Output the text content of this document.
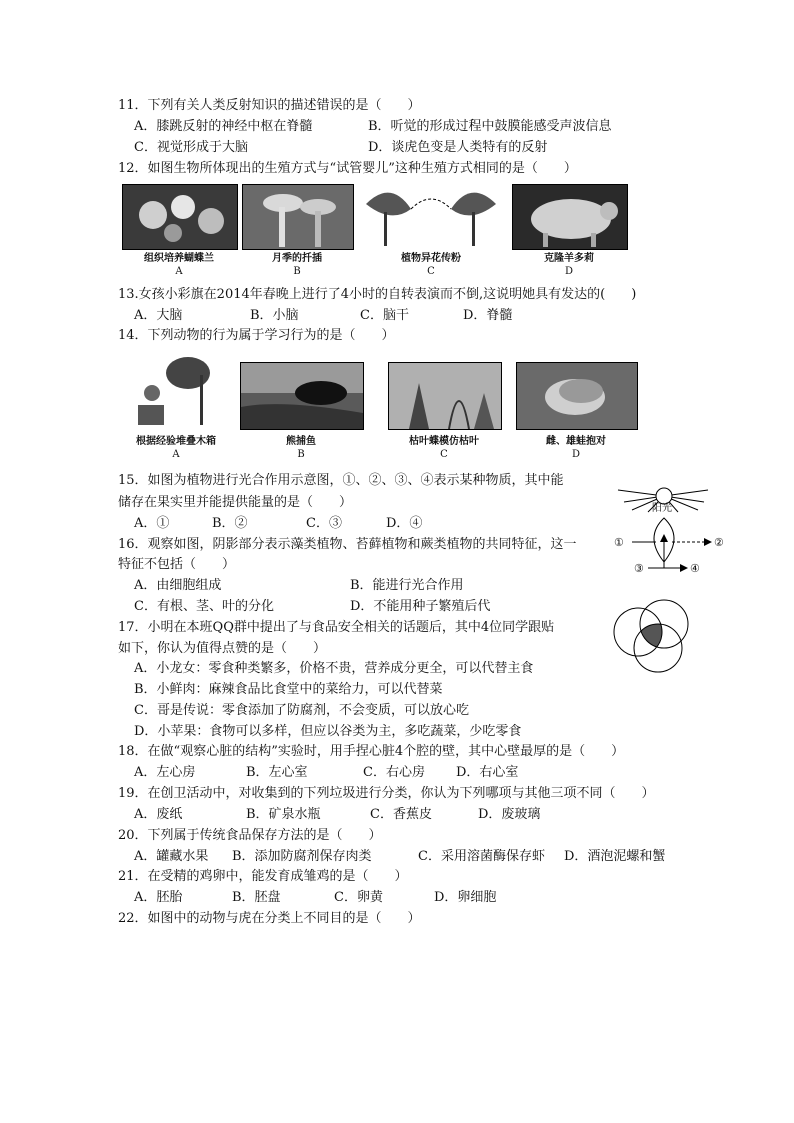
11．下列有关人类反射知识的描述错误的是（　　）
A．膝跳反射的神经中枢在脊髓	B．听觉的形成过程中鼓膜能感受声波信息
C．视觉形成于大脑	D．谈虎色变是人类特有的反射
12．如图生物所体现出的生殖方式与“试管婴儿”这种生殖方式相同的是（　　）
组织培养蝴蝶兰
A
月季的扦插
B
植物异花传粉
C
克隆羊多莉
D
13.女孩小彩旗在2014年春晚上进行了4小时的自转表演而不倒,这说明她具有发达的(　　)
A．大脑	B．小脑	C．脑干	D．脊髓
14．下列动物的行为属于学习行为的是（　　）
根据经验堆叠木箱
A
熊捕鱼
B
枯叶蝶模仿枯叶
C
雌、雄蛙抱对
D
15．如图为植物进行光合作用示意图，①、②、③、④表示某种物质，其中能
储存在果实里并能提供能量的是（　　）
A．①	B．②	C．③	D．④
阳光
①	②
③	④
16．观察如图，阴影部分表示藻类植物、苔藓植物和蕨类植物的共同特征，这一
特征不包括（　　）
A．由细胞组成	B．能进行光合作用
C．有根、茎、叶的分化	D．不能用种子繁殖后代
17．小明在本班QQ群中提出了与食品安全相关的话题后，其中4位同学跟贴
如下，你认为值得点赞的是（　　）
A．小龙女：零食种类繁多，价格不贵，营养成分更全，可以代替主食
B．小鲜肉：麻辣食品比食堂中的菜给力，可以代替菜
C．哥是传说：零食添加了防腐剂，不会变质，可以放心吃
D．小苹果：食物可以多样，但应以谷类为主，多吃蔬菜，少吃零食
18．在做“观察心脏的结构”实验时，用手捏心脏4个腔的壁，其中心壁最厚的是（　　）
A．左心房	B．左心室	C．右心房 D．右心室
19．在创卫活动中，对收集到的下列垃圾进行分类，你认为下列哪项与其他三项不同（　　）
A．废纸	B．矿泉水瓶	C．香蕉皮	D．废玻璃
20．下列属于传统食品保存方法的是（　　）
A．罐藏水果 B．添加防腐剂保存肉类	C．采用溶菌酶保存虾 D．酒泡泥螺和蟹
21．在受精的鸡卵中，能发育成雏鸡的是（　　）
A．胚胎	B．胚盘	C．卵黄	D．卵细胞
22．如图中的动物与虎在分类上不同目的是（　　）
